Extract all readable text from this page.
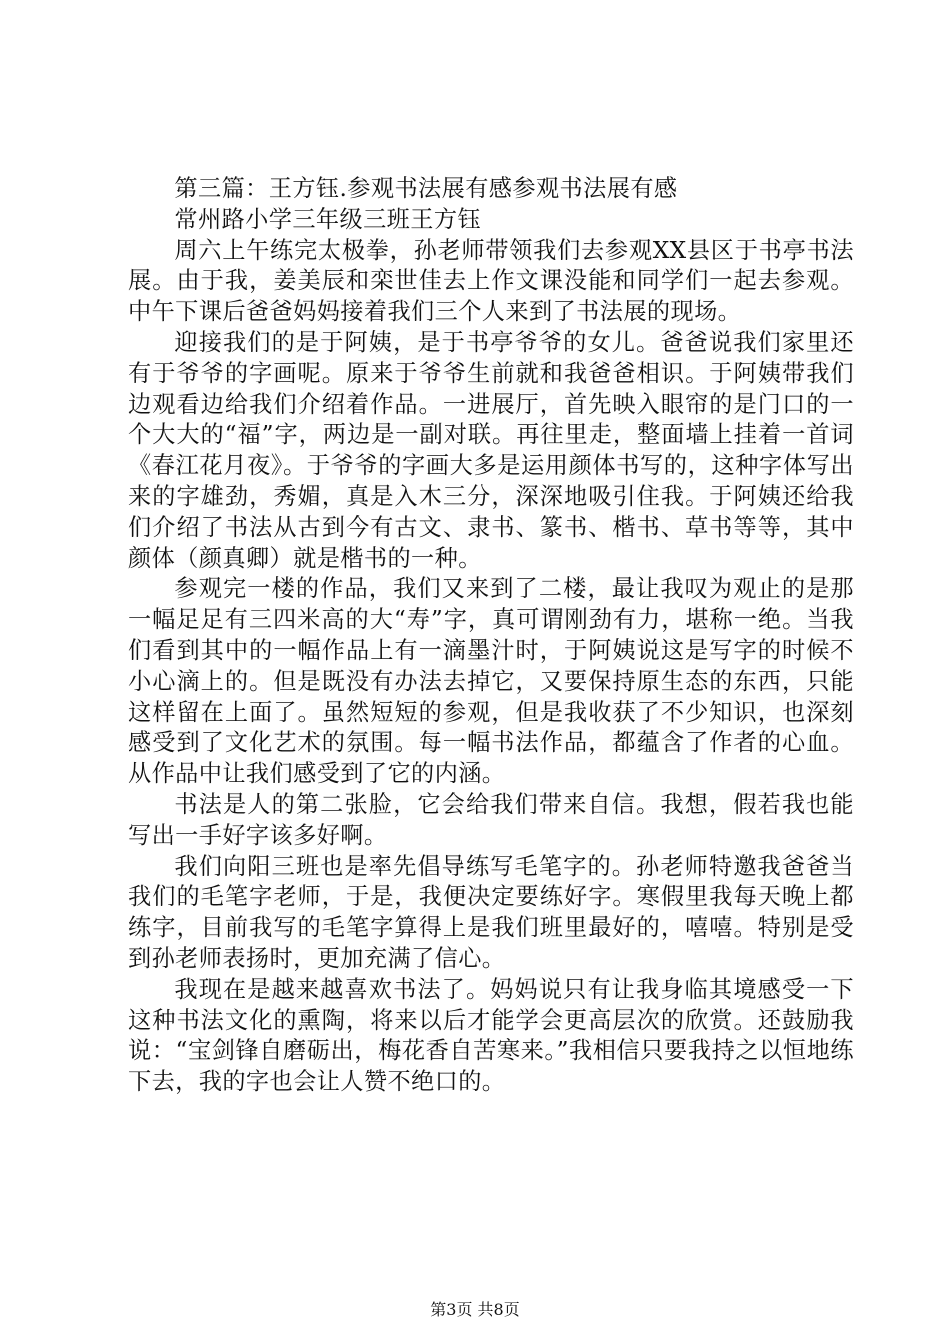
第三篇：王方钰.参观书法展有感参观书法展有感

常州路小学三年级三班王方钰

周六上午练完太极拳，孙老师带领我们去参观XX县区于书亭书法展。由于我，姜美辰和栾世佳去上作文课没能和同学们一起去参观。中午下课后爸爸妈妈接着我们三个人来到了书法展的现场。

迎接我们的是于阿姨，是于书亭爷爷的女儿。爸爸说我们家里还有于爷爷的字画呢。原来于爷爷生前就和我爸爸相识。于阿姨带我们边观看边给我们介绍着作品。一进展厅，首先映入眼帘的是门口的一个大大的“福”字，两边是一副对联。再往里走，整面墙上挂着一首词《春江花月夜》。于爷爷的字画大多是运用颜体书写的，这种字体写出来的字雄劲，秀媚，真是入木三分，深深地吸引住我。于阿姨还给我们介绍了书法从古到今有古文、隶书、篆书、楷书、草书等等，其中颜体（颜真卿）就是楷书的一种。

参观完一楼的作品，我们又来到了二楼，最让我叹为观止的是那一幅足足有三四米高的大“寿”字，真可谓刚劲有力，堪称一绝。当我们看到其中的一幅作品上有一滴墨汁时，于阿姨说这是写字的时候不小心滴上的。但是既没有办法去掉它，又要保持原生态的东西，只能这样留在上面了。虽然短短的参观，但是我收获了不少知识，也深刻感受到了文化艺术的氛围。每一幅书法作品，都蕴含了作者的心血。从作品中让我们感受到了它的内涵。

书法是人的第二张脸，它会给我们带来自信。我想，假若我也能写出一手好字该多好啊。

我们向阳三班也是率先倡导练写毛笔字的。孙老师特邀我爸爸当我们的毛笔字老师，于是，我便决定要练好字。寒假里我每天晚上都练字，目前我写的毛笔字算得上是我们班里最好的，嘻嘻。特别是受到孙老师表扬时，更加充满了信心。

我现在是越来越喜欢书法了。妈妈说只有让我身临其境感受一下这种书法文化的熏陶，将来以后才能学会更高层次的欣赏。还鼓励我说：“宝剑锋自磨砺出，梅花香自苦寒来。”我相信只要我持之以恒地练下去，我的字也会让人赞不绝口的。

第3页 共8页
